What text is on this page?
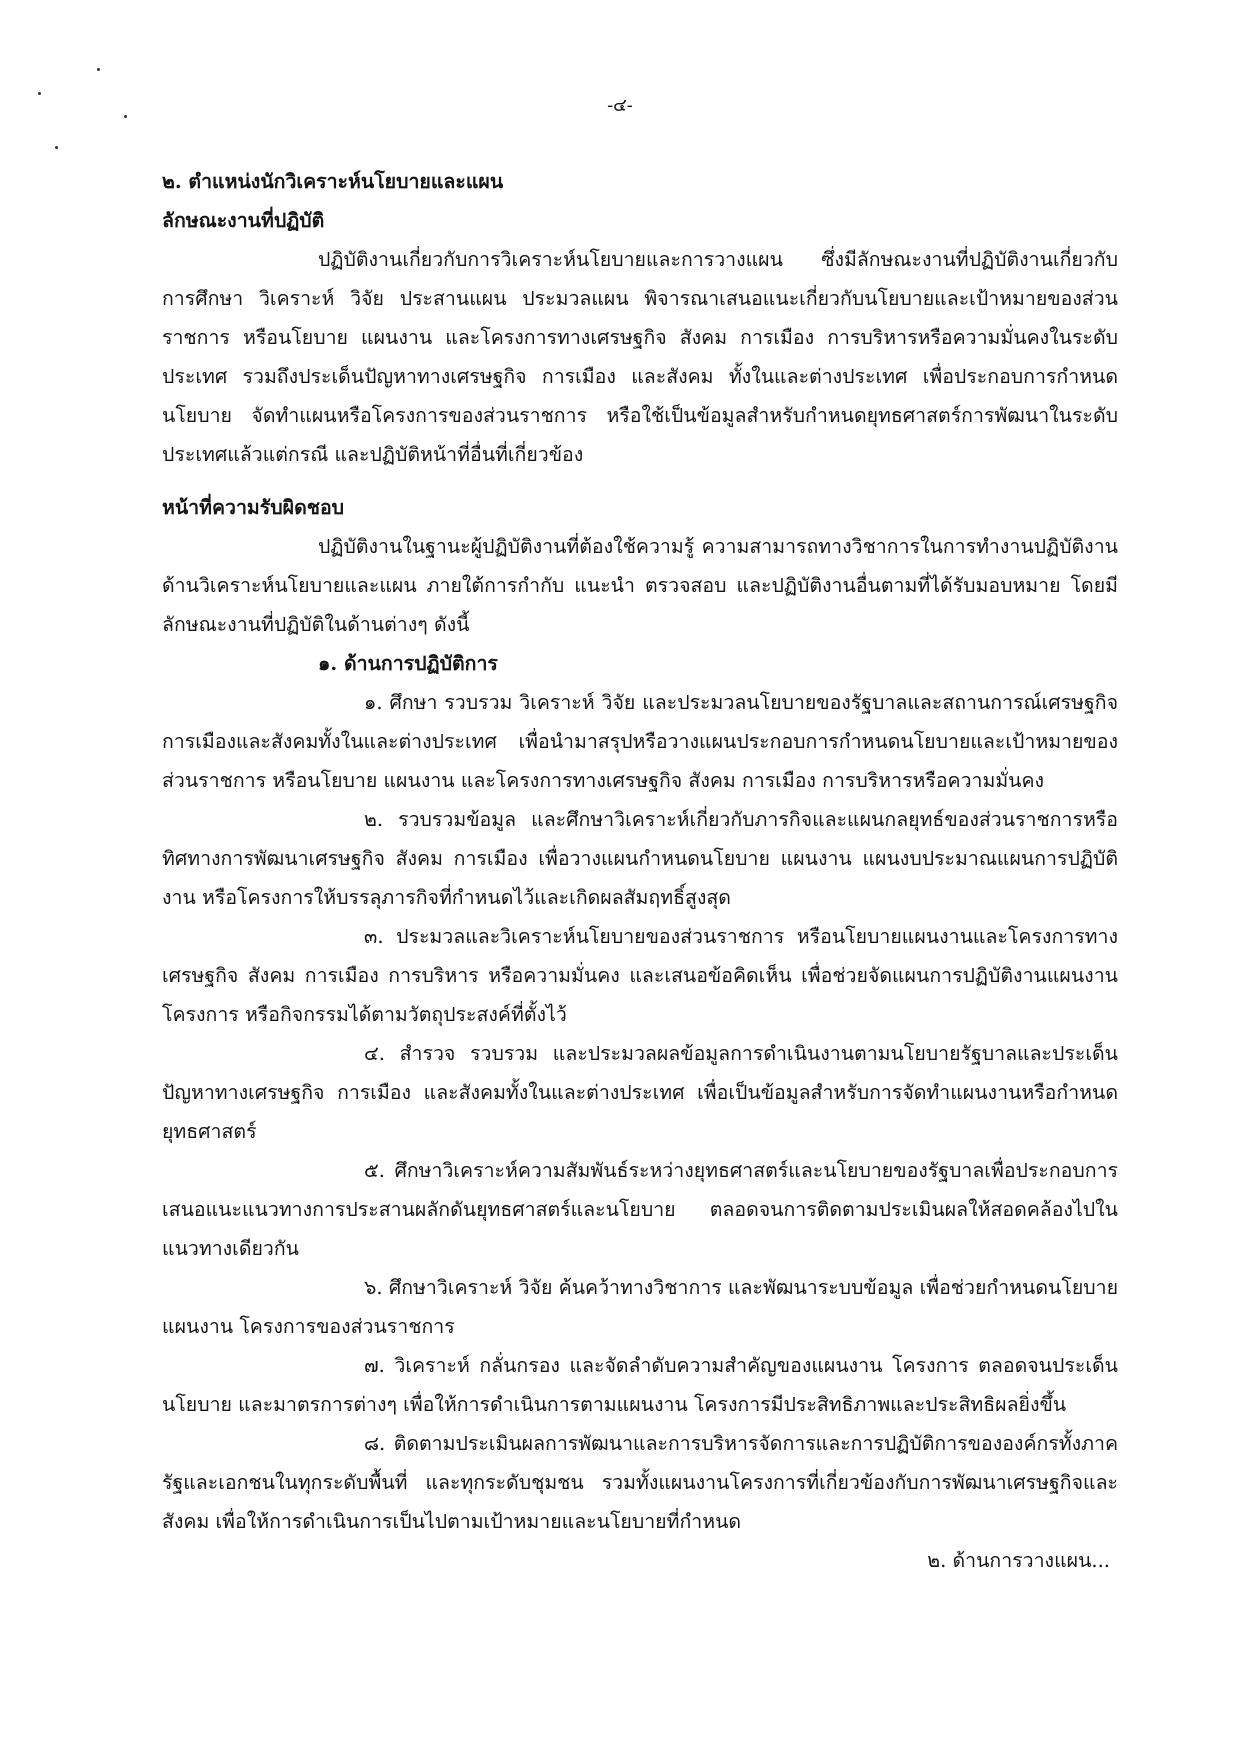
-๔-

๒. ตำแหน่งนักวิเคราะห์นโยบายและแผน

ลักษณะงานที่ปฏิบัติ

ปฏิบัติงานเกี่ยวกับการวิเคราะห์นโยบายและการวางแผน ซึ่งมีลักษณะงานที่ปฏิบัติงานเกี่ยวกับการศึกษา วิเคราะห์ วิจัย ประสานแผน ประมวลแผน พิจารณาเสนอแนะเกี่ยวกับนโยบายและเป้าหมายของส่วนราชการ หรือนโยบาย แผนงาน และโครงการทางเศรษฐกิจ สังคม การเมือง การบริหารหรือความมั่นคงในระดับประเทศ รวมถึงประเด็นปัญหาทางเศรษฐกิจ การเมือง และสังคม ทั้งในและต่างประเทศ เพื่อประกอบการกำหนดนโยบาย จัดทำแผนหรือโครงการของส่วนราชการ หรือใช้เป็นข้อมูลสำหรับกำหนดยุทธศาสตร์การพัฒนาในระดับประเทศแล้วแต่กรณี และปฏิบัติหน้าที่อื่นที่เกี่ยวข้อง

หน้าที่ความรับผิดชอบ

ปฏิบัติงานในฐานะผู้ปฏิบัติงานที่ต้องใช้ความรู้ ความสามารถทางวิชาการในการทำงานปฏิบัติงานด้านวิเคราะห์นโยบายและแผน ภายใต้การกำกับ แนะนำ ตรวจสอบ และปฏิบัติงานอื่นตามที่ได้รับมอบหมาย โดยมีลักษณะงานที่ปฏิบัติในด้านต่างๆ ดังนี้

๑. ด้านการปฏิบัติการ

๑. ศึกษา รวบรวม วิเคราะห์ วิจัย และประมวลนโยบายของรัฐบาลและสถานการณ์เศรษฐกิจ การเมืองและสังคมทั้งในและต่างประเทศ เพื่อนำมาสรุปหรือวางแผนประกอบการกำหนดนโยบายและเป้าหมายของส่วนราชการ หรือนโยบาย แผนงาน และโครงการทางเศรษฐกิจ สังคม การเมือง การบริหารหรือความมั่นคง

๒. รวบรวมข้อมูล และศึกษาวิเคราะห์เกี่ยวกับภารกิจและแผนกลยุทธ์ของส่วนราชการหรือทิศทางการพัฒนาเศรษฐกิจ สังคม การเมือง เพื่อวางแผนกำหนดนโยบาย แผนงาน แผนงบประมาณแผนการปฏิบัติงาน หรือโครงการให้บรรลุภารกิจที่กำหนดไว้และเกิดผลสัมฤทธิ์สูงสุด

๓. ประมวลและวิเคราะห์นโยบายของส่วนราชการ หรือนโยบายแผนงานและโครงการทางเศรษฐกิจ สังคม การเมือง การบริหาร หรือความมั่นคง และเสนอข้อคิดเห็น เพื่อช่วยจัดแผนการปฏิบัติงานแผนงาน โครงการ หรือกิจกรรมได้ตามวัตถุประสงค์ที่ตั้งไว้

๔. สำรวจ รวบรวม และประมวลผลข้อมูลการดำเนินงานตามนโยบายรัฐบาลและประเด็นปัญหาทางเศรษฐกิจ การเมือง และสังคมทั้งในและต่างประเทศ เพื่อเป็นข้อมูลสำหรับการจัดทำแผนงานหรือกำหนดยุทธศาสตร์

๕. ศึกษาวิเคราะห์ความสัมพันธ์ระหว่างยุทธศาสตร์และนโยบายของรัฐบาลเพื่อประกอบการเสนอแนะแนวทางการประสานผลักดันยุทธศาสตร์และนโยบาย ตลอดจนการติดตามประเมินผลให้สอดคล้องไปในแนวทางเดียวกัน

๖. ศึกษาวิเคราะห์ วิจัย ค้นคว้าทางวิชาการ และพัฒนาระบบข้อมูล เพื่อช่วยกำหนดนโยบาย แผนงาน โครงการของส่วนราชการ

๗. วิเคราะห์ กลั่นกรอง และจัดลำดับความสำคัญของแผนงาน โครงการ ตลอดจนประเด็นนโยบาย และมาตรการต่างๆ เพื่อให้การดำเนินการตามแผนงาน โครงการมีประสิทธิภาพและประสิทธิผลยิ่งขึ้น

๘. ติดตามประเมินผลการพัฒนาและการบริหารจัดการและการปฏิบัติการขององค์กรทั้งภาครัฐและเอกชนในทุกระดับพื้นที่ และทุกระดับชุมชน รวมทั้งแผนงานโครงการที่เกี่ยวข้องกับการพัฒนาเศรษฐกิจและสังคม เพื่อให้การดำเนินการเป็นไปตามเป้าหมายและนโยบายที่กำหนด

๒. ด้านการวางแผน...
